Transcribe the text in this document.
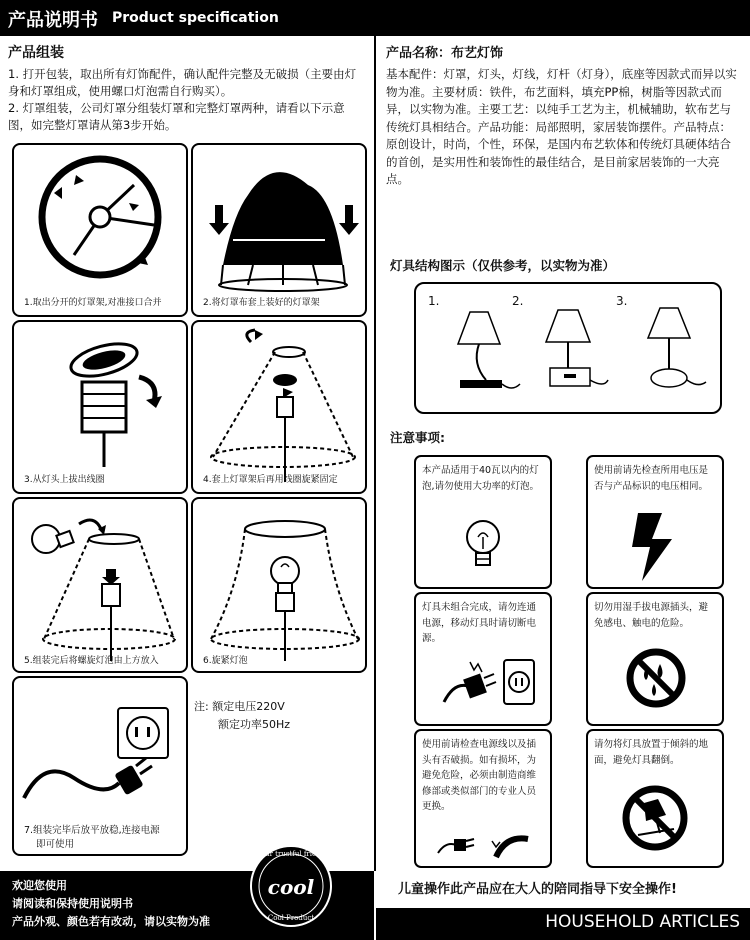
产品说明书 Product specification
产品组装
1. 打开包装，取出所有灯饰配件，确认配件完整及无破损（主要由灯身和灯罩组成，使用螺口灯泡需自行购买）。
2. 灯罩组装，公司灯罩分组装灯罩和完整灯罩两种，请看以下示意图，如完整灯罩请从第3步开始。
1.取出分开的灯罩架,对准接口合并	2.将灯罩布套上装好的灯罩架
3.从灯头上拔出线圈	4.套上灯罩架后再用线圈旋紧固定
5.组装完后将螺旋灯泡由上方放入	6.旋紧灯泡
7.组装完毕后放平放稳,连接电源
即可使用
注: 额定电压220V
额定功率50Hz
欢迎您使用
请阅读和保持使用说明书
产品外观、颜色若有改动，请以实物为准
cool
Your trustful friend
Cool Product
产品名称：布艺灯饰
基本配件：灯罩，灯头，灯线，灯杆（灯身），底座等因款式而异以实物为准。主要材质：铁件，布艺面料，填充PP棉，树脂等因款式而异，以实物为准。主要工艺：以纯手工艺为主，机械辅助，软布艺与传统灯具相结合。产品功能：局部照明，家居装饰摆件。产品特点：原创设计，时尚，个性，环保，是国内布艺软体和传统灯具硬体结合的首创，是实用性和装饰性的最佳结合，是目前家居装饰的一大亮点。
灯具结构图示（仅供参考，以实物为准）
1.	2.	3.
注意事项:
本产品适用于40瓦以内的灯泡,请勿使用大功率的灯泡。
使用前请先检查所用电压是否与产品标识的电压相同。
灯具未组合完成，请勿连通电源，移动灯具时请切断电源。
切勿用湿手拔电源插头，避免感电、触电的危险。
使用前请检查电源线以及插头有否破损。如有损坏，为避免危险，必须由制造商维修部或类似部门的专业人员更换。
请勿将灯具放置于倾斜的地面，避免灯具翻倒。
儿童操作此产品应在大人的陪同指导下安全操作!
HOUSEHOLD ARTICLES
